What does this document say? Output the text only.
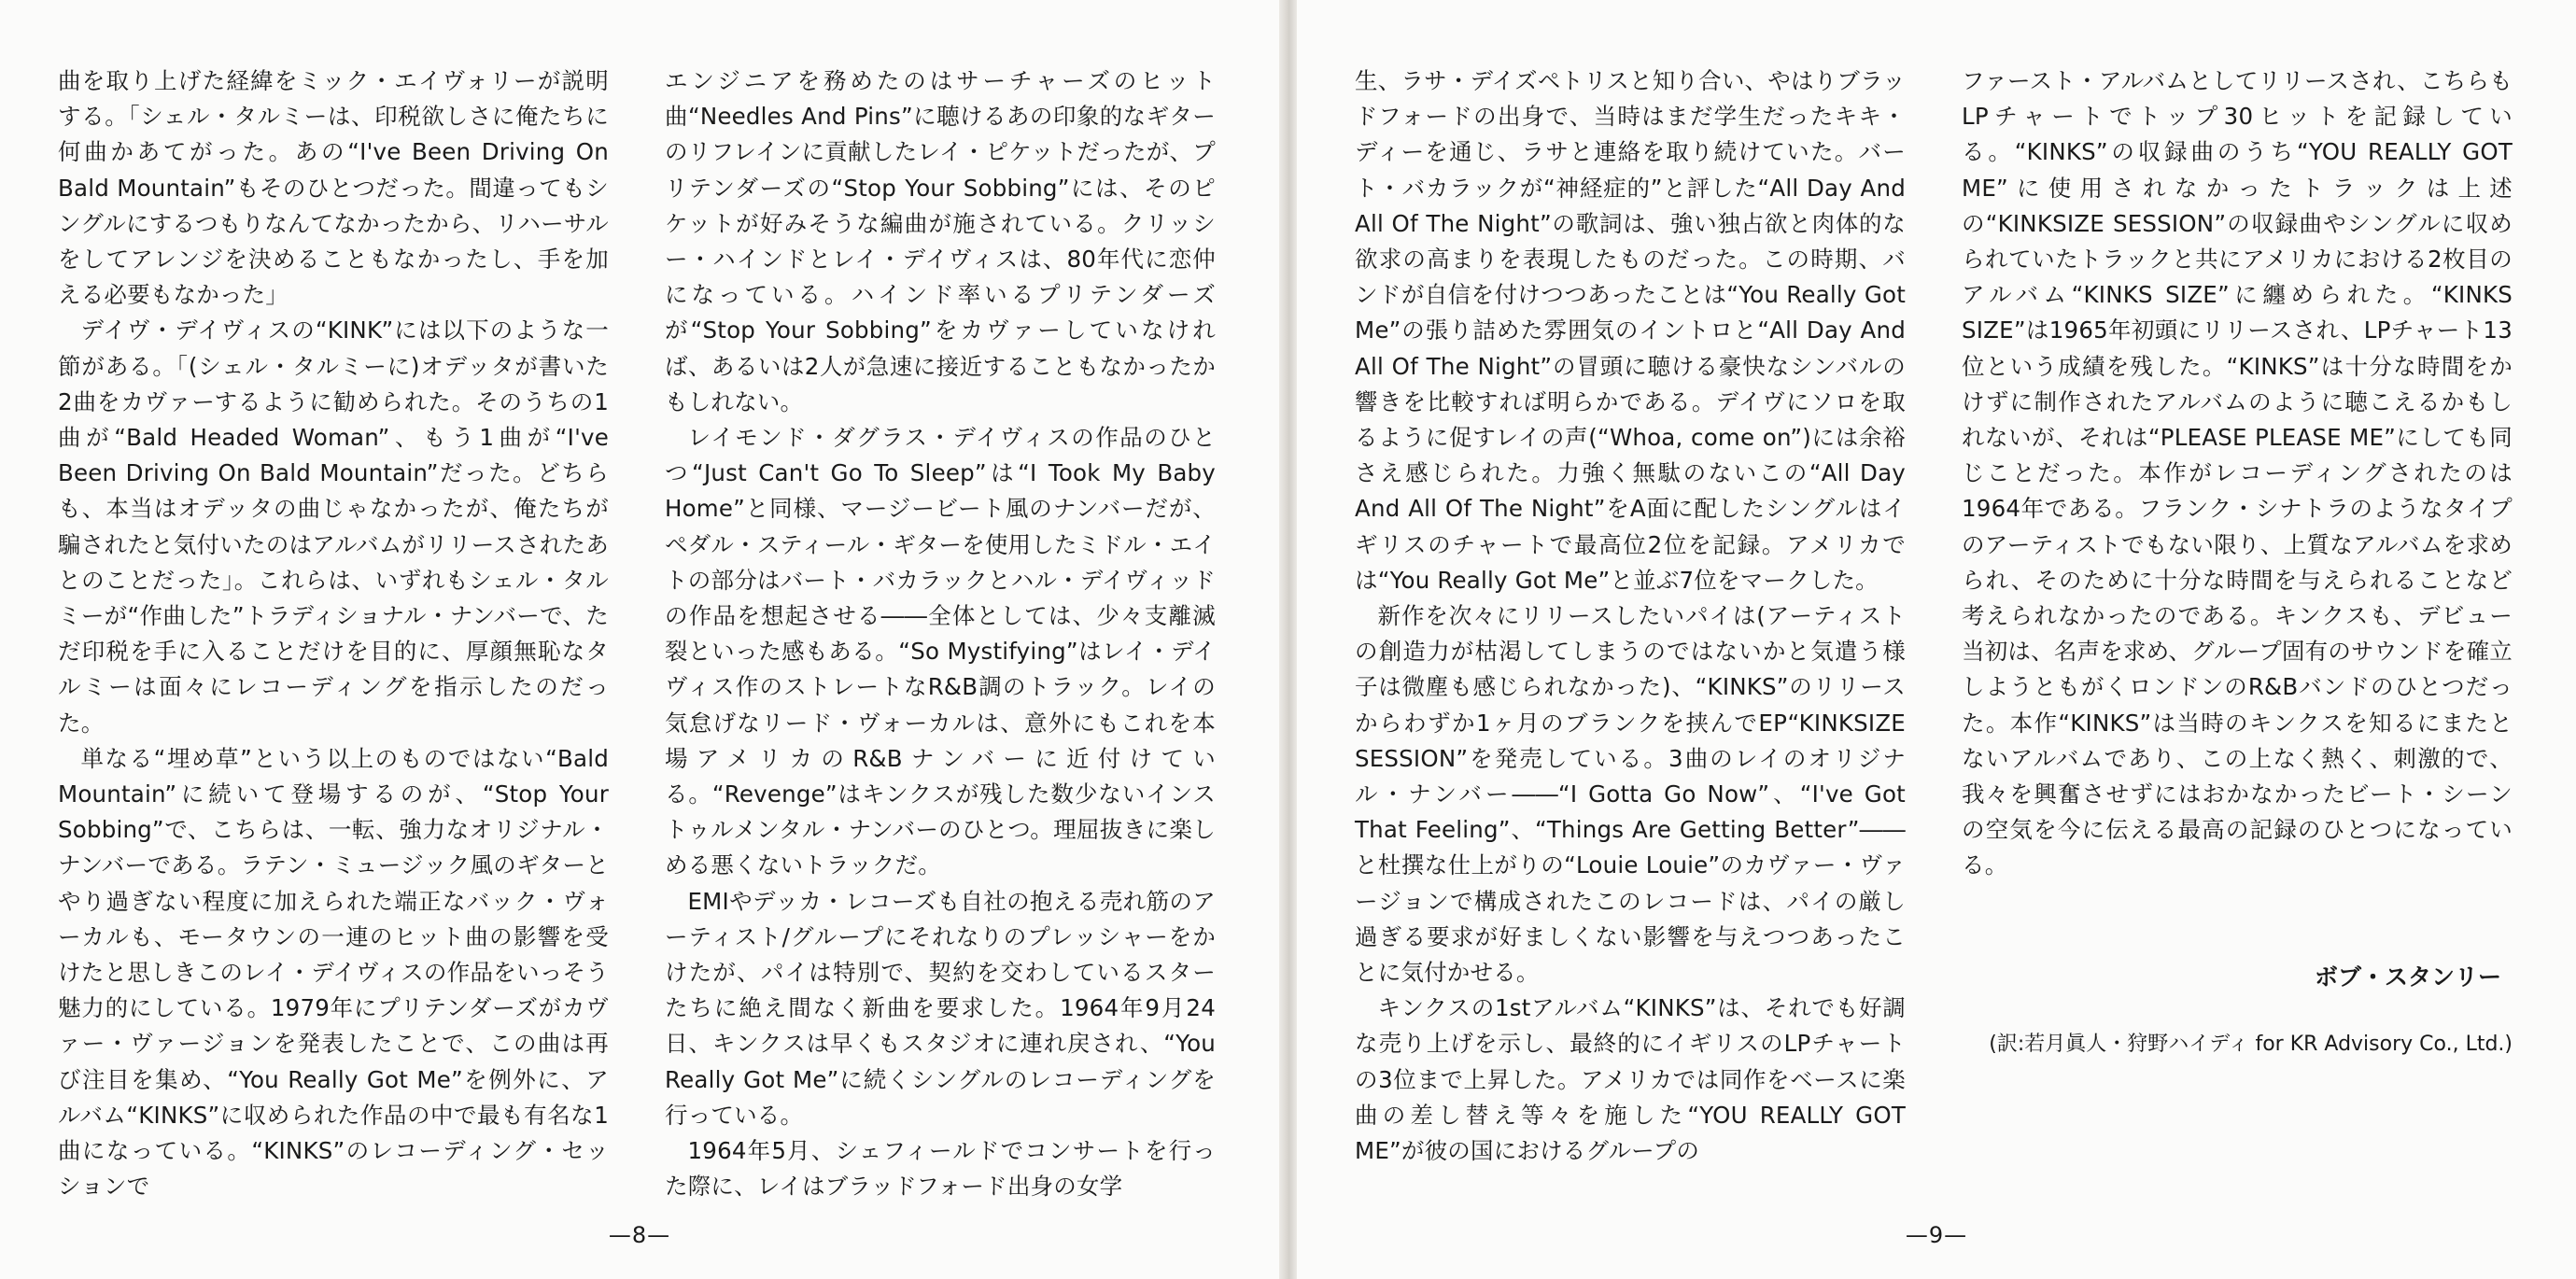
曲を取り上げた経緯をミック・エイヴォリーが説明する。「シェル・タルミーは、印税欲しさに俺たちに何曲かあてがった。あの“I've Been Driving On Bald Mountain”もそのひとつだった。間違ってもシングルにするつもりなんてなかったから、リハーサルをしてアレンジを決めることもなかったし、手を加える必要もなかった」

デイヴ・デイヴィスの“KINK”には以下のような一節がある。「(シェル・タルミーに)オデッタが書いた2曲をカヴァーするように勧められた。そのうちの1曲が“Bald Headed Woman”、もう1曲が“I've Been Driving On Bald Mountain”だった。どちらも、本当はオデッタの曲じゃなかったが、俺たちが騙されたと気付いたのはアルバムがリリースされたあとのことだった」。これらは、いずれもシェル・タルミーが“作曲した”トラディショナル・ナンバーで、ただ印税を手に入ることだけを目的に、厚顔無恥なタルミーは面々にレコーディングを指示したのだった。

単なる“埋め草”という以上のものではない“Bald Mountain”に続いて登場するのが、“Stop Your Sobbing”で、こちらは、一転、強力なオリジナル・ナンバーである。ラテン・ミュージック風のギターとやり過ぎない程度に加えられた端正なバック・ヴォーカルも、モータウンの一連のヒット曲の影響を受けたと思しきこのレイ・デイヴィスの作品をいっそう魅力的にしている。1979年にプリテンダーズがカヴァー・ヴァージョンを発表したことで、この曲は再び注目を集め、“You Really Got Me”を例外に、アルバム“KINKS”に収められた作品の中で最も有名な1曲になっている。“KINKS”のレコーディング・セッションで

エンジニアを務めたのはサーチャーズのヒット曲“Needles And Pins”に聴けるあの印象的なギターのリフレインに貢献したレイ・ピケットだったが、プリテンダーズの“Stop Your Sobbing”には、そのピケットが好みそうな編曲が施されている。クリッシー・ハインドとレイ・デイヴィスは、80年代に恋仲になっている。ハインド率いるプリテンダーズが“Stop Your Sobbing”をカヴァーしていなければ、あるいは2人が急速に接近することもなかったかもしれない。

レイモンド・ダグラス・デイヴィスの作品のひとつ“Just Can't Go To Sleep”は“I Took My Baby Home”と同様、マージービート風のナンバーだが、ペダル・スティール・ギターを使用したミドル・エイトの部分はバート・バカラックとハル・デイヴィッドの作品を想起させる――全体としては、少々支離滅裂といった感もある。“So Mystifying”はレイ・デイヴィス作のストレートなR&B調のトラック。レイの気怠げなリード・ヴォーカルは、意外にもこれを本場アメリカのR&Bナンバーに近付けている。“Revenge”はキンクスが残した数少ないインストゥルメンタル・ナンバーのひとつ。理屈抜きに楽しめる悪くないトラックだ。

EMIやデッカ・レコーズも自社の抱える売れ筋のアーティスト/グループにそれなりのプレッシャーをかけたが、パイは特別で、契約を交わしているスターたちに絶え間なく新曲を要求した。1964年9月24日、キンクスは早くもスタジオに連れ戻され、“You Really Got Me”に続くシングルのレコーディングを行っている。

1964年5月、シェフィールドでコンサートを行った際に、レイはブラッドフォード出身の女学

—8—

生、ラサ・デイズペトリスと知り合い、やはりブラッドフォードの出身で、当時はまだ学生だったキキ・ディーを通じ、ラサと連絡を取り続けていた。バート・バカラックが“神経症的”と評した“All Day And All Of The Night”の歌詞は、強い独占欲と肉体的な欲求の高まりを表現したものだった。この時期、バンドが自信を付けつつあったことは“You Really Got Me”の張り詰めた雰囲気のイントロと“All Day And All Of The Night”の冒頭に聴ける豪快なシンバルの響きを比較すれば明らかである。デイヴにソロを取るように促すレイの声(“Whoa, come on”)には余裕さえ感じられた。力強く無駄のないこの“All Day And All Of The Night”をA面に配したシングルはイギリスのチャートで最高位2位を記録。アメリカでは“You Really Got Me”と並ぶ7位をマークした。

新作を次々にリリースしたいパイは(アーティストの創造力が枯渇してしまうのではないかと気遣う様子は微塵も感じられなかった)、“KINKS”のリリースからわずか1ヶ月のブランクを挟んでEP“KINKSIZE SESSION”を発売している。3曲のレイのオリジナル・ナンバー――“I Gotta Go Now”、“I've Got That Feeling”、“Things Are Getting Better”――と杜撰な仕上がりの“Louie Louie”のカヴァー・ヴァージョンで構成されたこのレコードは、パイの厳し過ぎる要求が好ましくない影響を与えつつあったことに気付かせる。

キンクスの1stアルバム“KINKS”は、それでも好調な売り上げを示し、最終的にイギリスのLPチャートの3位まで上昇した。アメリカでは同作をベースに楽曲の差し替え等々を施した“YOU REALLY GOT ME”が彼の国におけるグループの

ファースト・アルバムとしてリリースされ、こちらもLPチャートでトップ30ヒットを記録している。“KINKS”の収録曲のうち“YOU REALLY GOT ME”に使用されなかったトラックは上述の“KINKSIZE SESSION”の収録曲やシングルに収められていたトラックと共にアメリカにおける2枚目のアルバム“KINKS SIZE”に纏められた。“KINKS SIZE”は1965年初頭にリリースされ、LPチャート13位という成績を残した。“KINKS”は十分な時間をかけずに制作されたアルバムのように聴こえるかもしれないが、それは“PLEASE PLEASE ME”にしても同じことだった。本作がレコーディングされたのは1964年である。フランク・シナトラのようなタイプのアーティストでもない限り、上質なアルバムを求められ、そのために十分な時間を与えられることなど考えられなかったのである。キンクスも、デビュー当初は、名声を求め、グループ固有のサウンドを確立しようともがくロンドンのR&Bバンドのひとつだった。本作“KINKS”は当時のキンクスを知るにまたとないアルバムであり、この上なく熱く、刺激的で、我々を興奮させずにはおかなかったビート・シーンの空気を今に伝える最高の記録のひとつになっている。

ボブ・スタンリー
(訳:若月眞人・狩野ハイディ for KR Advisory Co., Ltd.)
—9—
